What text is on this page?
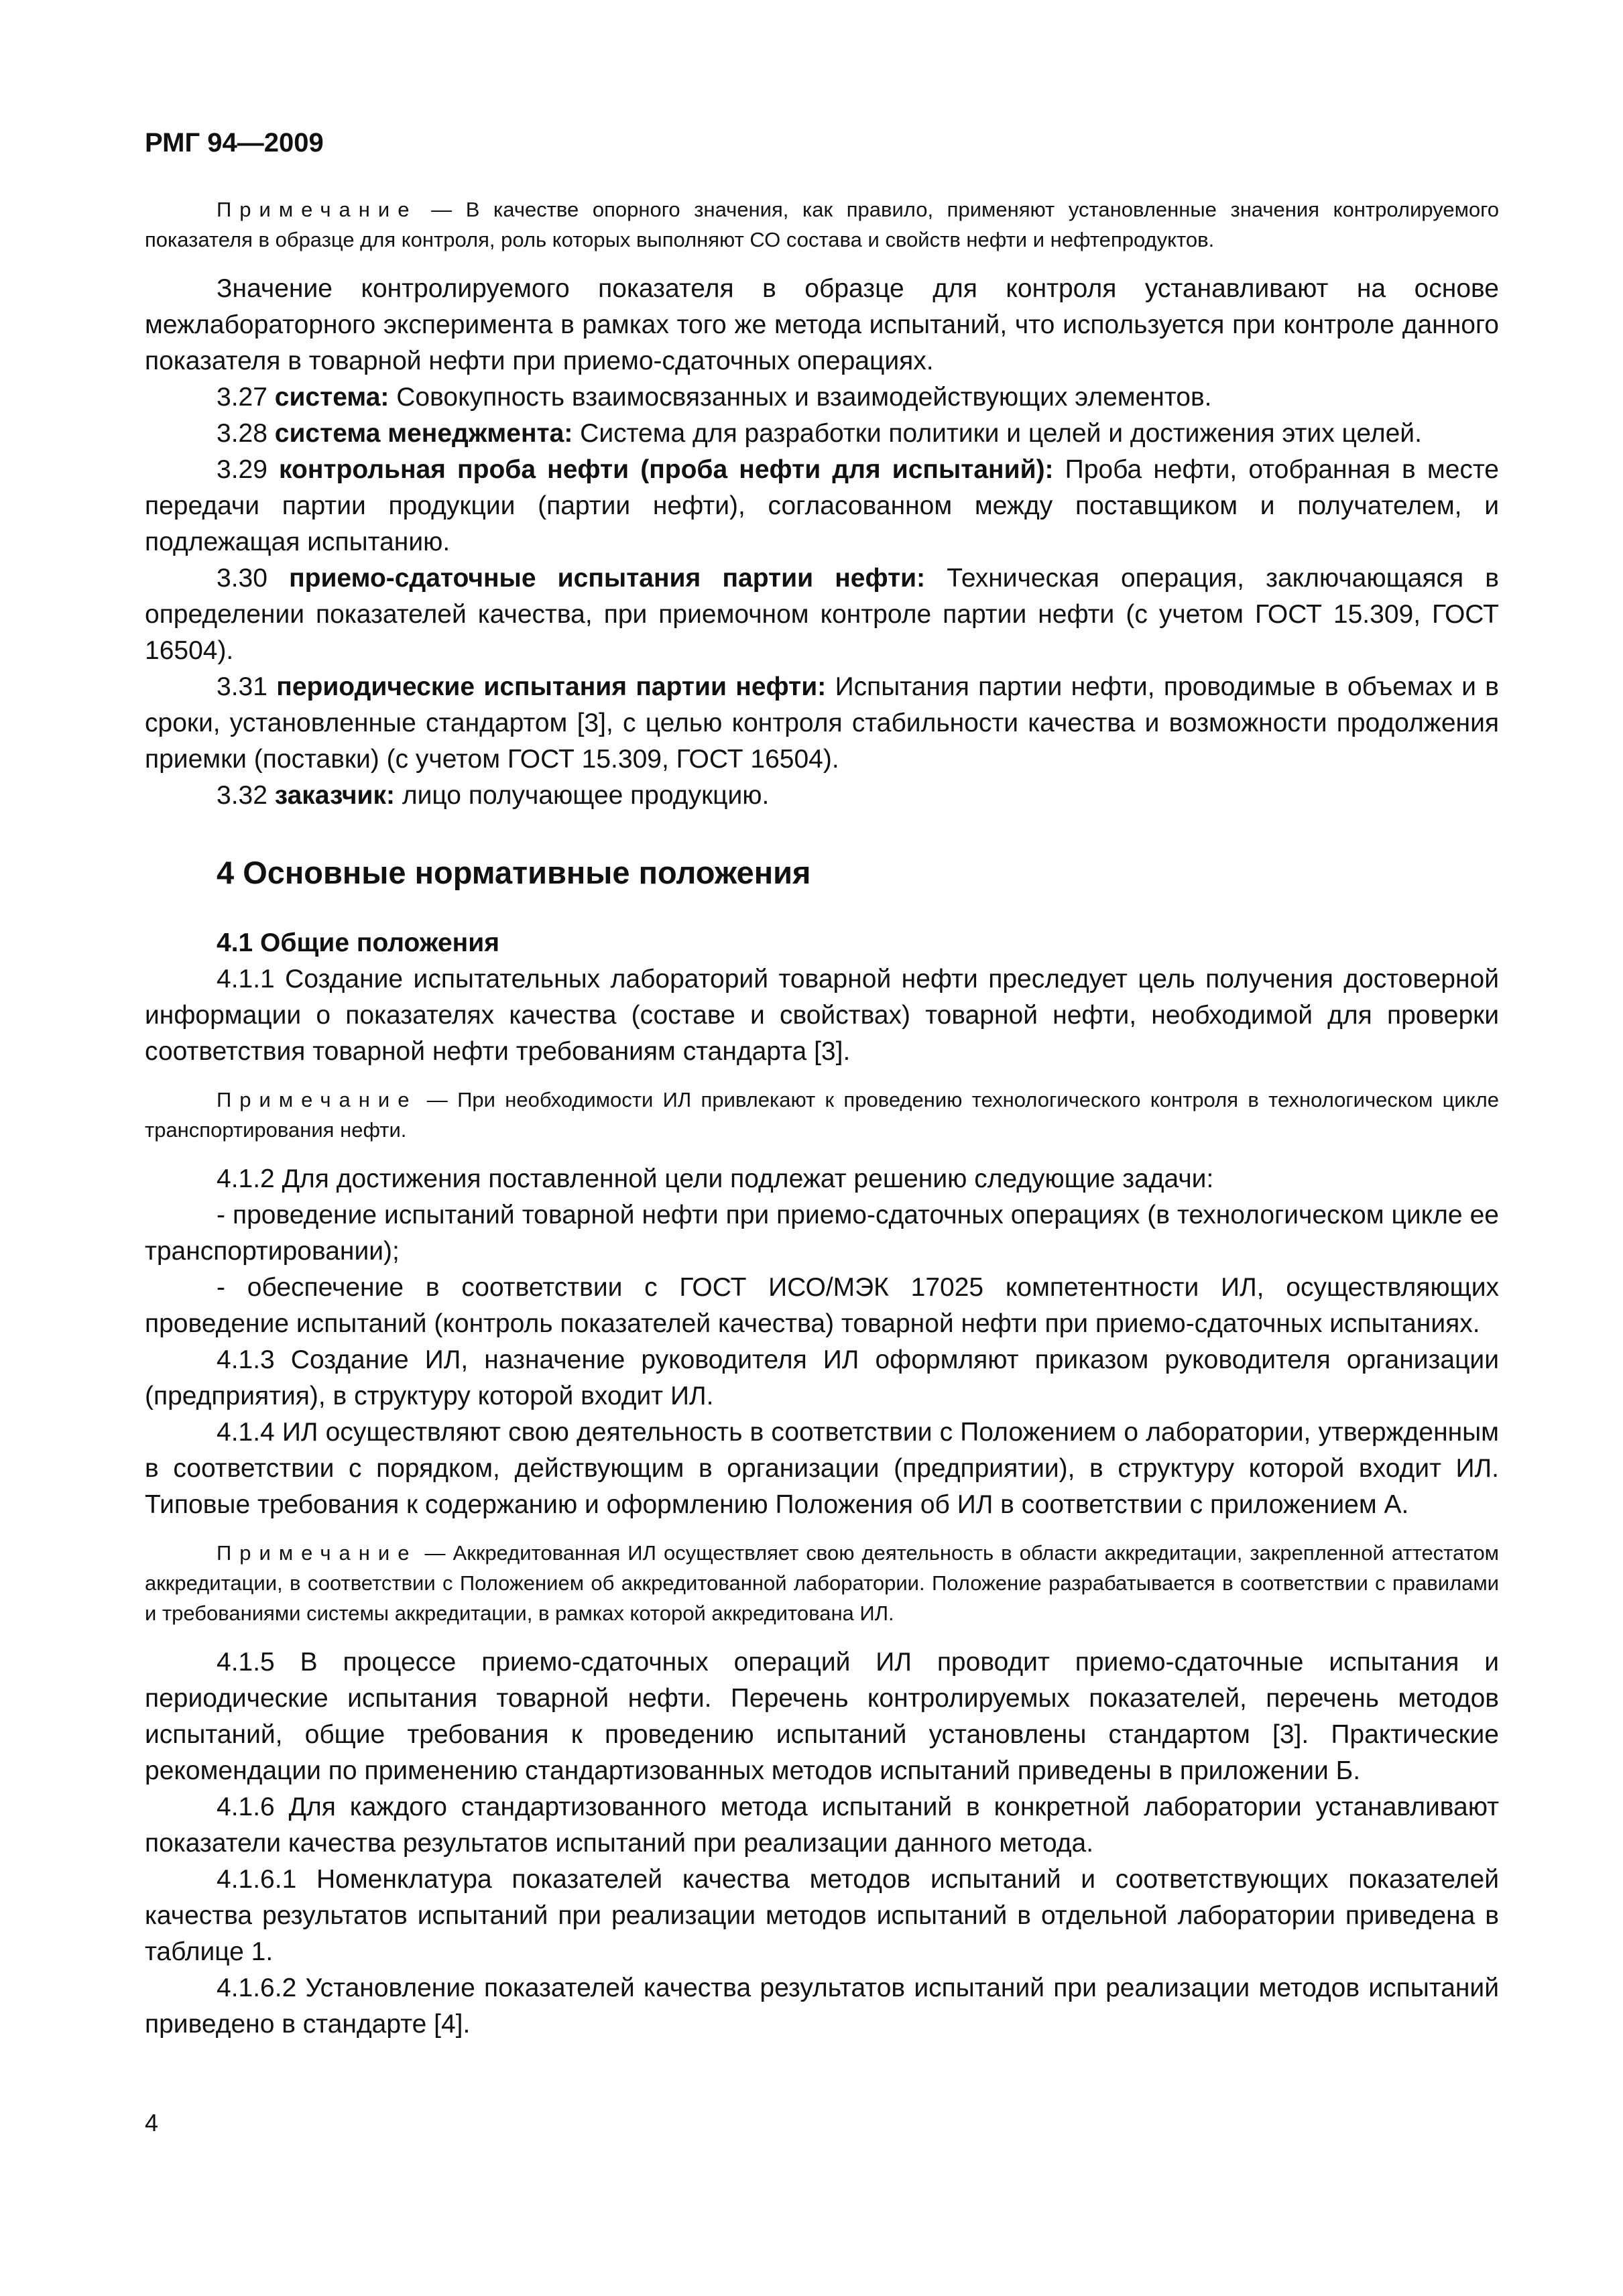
РМГ 94—2009

Примечание — В качестве опорного значения, как правило, применяют установленные значения контролируемого показателя в образце для контроля, роль которых выполняют СО состава и свойств нефти и нефтепродуктов.

Значение контролируемого показателя в образце для контроля устанавливают на основе межлабораторного эксперимента в рамках того же метода испытаний, что используется при контроле данного показателя в товарной нефти при приемо-сдаточных операциях.

3.27 система: Совокупность взаимосвязанных и взаимодействующих элементов.

3.28 система менеджмента: Система для разработки политики и целей и достижения этих целей.

3.29 контрольная проба нефти (проба нефти для испытаний): Проба нефти, отобранная в месте передачи партии продукции (партии нефти), согласованном между поставщиком и получателем, и подлежащая испытанию.

3.30 приемо-сдаточные испытания партии нефти: Техническая операция, заключающаяся в определении показателей качества, при приемочном контроле партии нефти (с учетом ГОСТ 15.309, ГОСТ 16504).

3.31 периодические испытания партии нефти: Испытания партии нефти, проводимые в объемах и в сроки, установленные стандартом [3], с целью контроля стабильности качества и возможности продолжения приемки (поставки) (с учетом ГОСТ 15.309, ГОСТ 16504).

3.32 заказчик: лицо получающее продукцию.

4 Основные нормативные положения
4.1 Общие положения

4.1.1 Создание испытательных лабораторий товарной нефти преследует цель получения достоверной информации о показателях качества (составе и свойствах) товарной нефти, необходимой для проверки соответствия товарной нефти требованиям стандарта [3].

Примечание — При необходимости ИЛ привлекают к проведению технологического контроля в технологическом цикле транспортирования нефти.

4.1.2 Для достижения поставленной цели подлежат решению следующие задачи:

- проведение испытаний товарной нефти при приемо-сдаточных операциях (в технологическом цикле ее транспортировании);

- обеспечение в соответствии с ГОСТ ИСО/МЭК 17025 компетентности ИЛ, осуществляющих проведение испытаний (контроль показателей качества) товарной нефти при приемо-сдаточных испытаниях.

4.1.3 Создание ИЛ, назначение руководителя ИЛ оформляют приказом руководителя организации (предприятия), в структуру которой входит ИЛ.

4.1.4 ИЛ осуществляют свою деятельность в соответствии с Положением о лаборатории, утвержденным в соответствии с порядком, действующим в организации (предприятии), в структуру которой входит ИЛ. Типовые требования к содержанию и оформлению Положения об ИЛ в соответствии с приложением А.

Примечание — Аккредитованная ИЛ осуществляет свою деятельность в области аккредитации, закрепленной аттестатом аккредитации, в соответствии с Положением об аккредитованной лаборатории. Положение разрабатывается в соответствии с правилами и требованиями системы аккредитации, в рамках которой аккредитована ИЛ.

4.1.5 В процессе приемо-сдаточных операций ИЛ проводит приемо-сдаточные испытания и периодические испытания товарной нефти. Перечень контролируемых показателей, перечень методов испытаний, общие требования к проведению испытаний установлены стандартом [3]. Практические рекомендации по применению стандартизованных методов испытаний приведены в приложении Б.

4.1.6 Для каждого стандартизованного метода испытаний в конкретной лаборатории устанавливают показатели качества результатов испытаний при реализации данного метода.

4.1.6.1 Номенклатура показателей качества методов испытаний и соответствующих показателей качества результатов испытаний при реализации методов испытаний в отдельной лаборатории приведена в таблице 1.

4.1.6.2 Установление показателей качества результатов испытаний при реализации методов испытаний приведено в стандарте [4].

4
